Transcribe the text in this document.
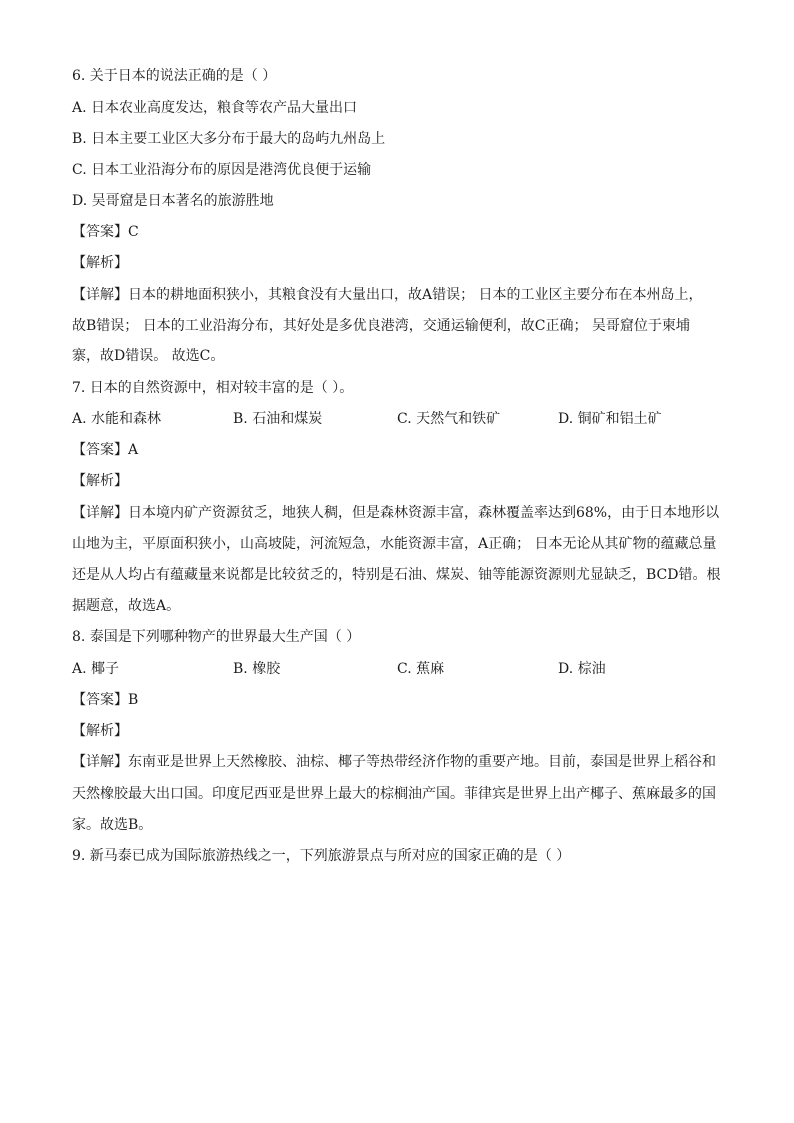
6. 关于日本的说法正确的是（ ）
A. 日本农业高度发达，粮食等农产品大量出口
B. 日本主要工业区大多分布于最大的岛屿九州岛上
C. 日本工业沿海分布的原因是港湾优良便于运输
D. 吴哥窟是日本著名的旅游胜地
【答案】C
【解析】
【详解】日本的耕地面积狭小，其粮食没有大量出口，故A错误； 日本的工业区主要分布在本州岛上，
故B错误； 日本的工业沿海分布，其好处是多优良港湾，交通运输便利，故C正确； 吴哥窟位于柬埔
寨，故D错误。 故选C。
7. 日本的自然资源中，相对较丰富的是（ ）。
A. 水能和森林	B. 石油和煤炭	C. 天然气和铁矿	D. 铜矿和铝土矿
【答案】A
【解析】
【详解】日本境内矿产资源贫乏，地狭人稠，但是森林资源丰富，森林覆盖率达到68%，由于日本地形以
山地为主，平原面积狭小，山高坡陡，河流短急，水能资源丰富，A正确； 日本无论从其矿物的蕴藏总量
还是从人均占有蕴藏量来说都是比较贫乏的，特别是石油、煤炭、铀等能源资源则尤显缺乏，BCD错。根
据题意，故选A。
8. 泰国是下列哪种物产的世界最大生产国（ ）
A. 椰子	B. 橡胶	C. 蕉麻	D. 棕油
【答案】B
【解析】
【详解】东南亚是世界上天然橡胶、油棕、椰子等热带经济作物的重要产地。目前，泰国是世界上稻谷和
天然橡胶最大出口国。印度尼西亚是世界上最大的棕榈油产国。菲律宾是世界上出产椰子、蕉麻最多的国
家。故选B。
9. 新马泰已成为国际旅游热线之一，下列旅游景点与所对应的国家正确的是（ ）
